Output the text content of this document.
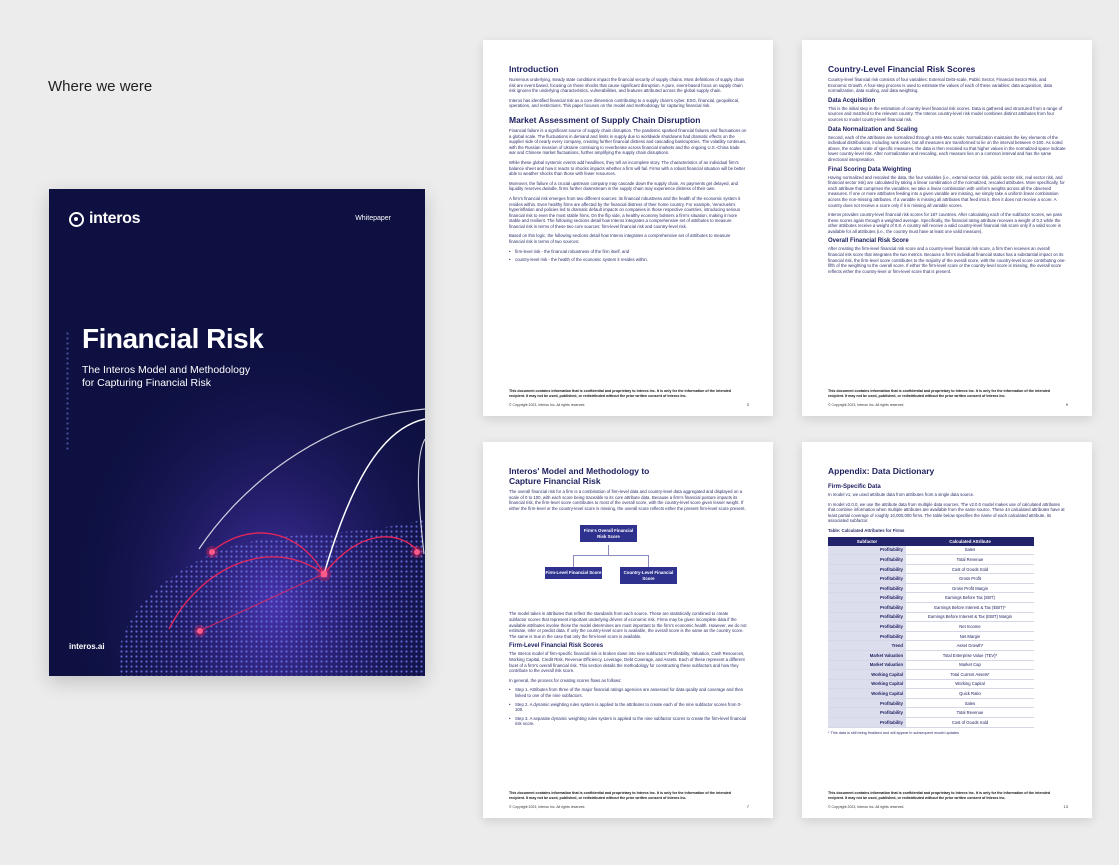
Where we were
interos	Whitepaper
Financial Risk
The Interos Model and Methodology for Capturing Financial Risk
interos.ai
Introduction

Numerous underlying, steady state conditions impact the financial security of supply chains. Most definitions of supply chain risk are event based, focusing on those shocks that cause significant disruption. A pure, event-based focus on supply chain risk ignores the underlying characteristics, vulnerabilities, and features attributed across the global supply chain.

Interos has identified financial risk as a core dimension contributing to a supply chain's cyber, ESG, financial, geopolitical, operations, and restrictions. This paper focuses on the model and methodology for capturing financial risk.

Market Assessment of Supply Chain Disruption

Financial failure is a significant source of supply chain disruption. The pandemic sparked financial failures and fluctuations on a global scale. The fluctuations in demand and limits in supply due to worldwide shutdowns had dramatic effects on the supplier side of nearly every company, creating further financial distress and cascading bankruptcies. The volatility continues, with the Russian invasion of Ukraine continuing to reverberate across financial markets and the ongoing U.S.-China trade war and Chinese market fluctuations, further amplifying the supply chain disruptions.

While these global systemic events add headlines, they tell an incomplete story. The characteristics of an individual firm's balance sheet and how it reacts to shocks impacts whether a firm will fail. Firms with a robust financial situation will be better able to weather shocks than those with fewer resources.

Moreover, the failure of a crucial upstream company may cascade down the supply chain. As payments get delayed, and liquidity reserves dwindle, firms further downstream in the supply chain may experience distress of their own.

A firm's financial risk emerges from two different sources: its financial robustness and the health of the economic system it resides within. Even healthy firms are affected by the financial distress of their home country. For example, Venezuela's hyperinflation and policies led to dramatic default impacts on companies in those respective countries, introducing serious financial risk to even the most stable firms. On the flip side, a healthy economy bolsters a firm's situation, making it more stable and resilient. The following sections detail how Interos integrates a comprehensive set of attributes to measure financial risk in terms of these two core sources: firm-level financial risk and country-level risk.

Based on this logic, the following sections detail how Interos integrates a comprehensive set of attributes to measure financial risk in terms of two sources:

• firm-level risk - the financial robustness of the firm itself, and
• country-level risk - the health of the economic system it resides within.
This document contains information that is confidential and proprietary to Interos Inc. It is only for the information of the intended recipient. It may not be used, published, or redistributed without the prior written consent of Interos Inc.
© Copyright 2023, Interos Inc. All rights reserved.	3
Country-Level Financial Risk Scores

Country-level financial risk consists of four variables: External Debt-scale, Public Sector, Financial Sector Risk, and Economic Growth. A four-step process is used to estimate the values of each of these variables: data acquisition, data normalization, data scaling, and data weighting.

Data Acquisition

This is the initial step in the estimation of country-level financial risk scores. Data is gathered and structured from a range of sources and matched to the relevant country. The Interos country-level risk model combines distinct attributes from four sources to model country-level financial risk.

Data Normalization and Scaling

Second, each of the attributes are normalized through a Min-Max scaler. Normalization maintains the key elements of the individual distributions, including rank order, but all measures are transformed to lie on the interval between 0-100. As noted above, the scales scale of specific measures, the data is then rescaled so that higher values in the normalized space indicate lower country-level risk. After normalization and rescaling, each measure lies on a common interval and has the same directional interpretation.

Final Scoring Data Weighting

Having normalized and rescaled the data, the four variables (i.e., external sector risk, public sector risk, real sector risk, and financial sector risk) are calculated by taking a linear combination of the normalized, rescaled attributes. More specifically, for each attribute that comprises the variables, we take a linear combination with uniform weights across all the observed measures. If one or more attributes feeding into a given variable are missing, we simply take a uniform linear combination across the non-missing attributes. If a variable is missing all attributes that feed into it, then it does not receive a score. A country does not receive a score only if it is missing all variable scores.

Interos provides country-level financial risk scores for 187 countries. After calculating each of the subfactor scores, we pass these scores again through a weighted average. Specifically, the financial rating attribute receives a weight of 0.2 while the other attributes receive a weight of 0.8. A country will receive a valid country-level financial risk score only if a valid score is available for all attributes (i.e., the country must have at least one valid measure).

Overall Financial Risk Score

After creating the firm-level financial risk score and a country-level financial risk score, a firm then receives an overall financial risk score that integrates the two metrics. Because a firm's individual financial status has a substantial impact on its financial risk, the firm-level score contributes to the majority of the overall score, with the country-level score contributing one-fifth of the weighting to the overall score. If either the firm-level score or the country-level score is missing, the overall score reflects either the country-level or firm-level score that is present.

This document contains information that is confidential and proprietary to Interos Inc. It is only for the information of the intended recipient. It may not be used, published, or redistributed without the prior written consent of Interos Inc.
© Copyright 2023, Interos Inc. All rights reserved.	9
Interos' Model and Methodology to Capture Financial Risk

The overall financial risk for a firm is a combination of firm-level data and country-level data aggregated and displayed on a scale of 0 to 100, with each score being traceable to its core attribute data. Because a firm's financial posture impacts its financial risk, the firm-level score contributes to most of the overall score, with the country-level score given lesser weight. If either the firm-level or the country-level score is missing, the overall score reflects either the present firm-level score present.

Firm's Overall Financial Risk Score
Firm-Level Financial Score	Country-Level Financial Score

The model takes in attributes that reflect the standards from each source. These are statistically combined to create subfactor scores that represent important underlying drivers of economic risk. Firms may be given incomplete data if the available attributes involve those the model determines are most important to the firm's economic health. However, we do not estimate, infer or predict data. If only the country-level score is available, the overall score is the same as the country score. The same is true in the case that only the firm-level score is available.

Firm-Level Financial Risk Scores

The Interos model of firm-specific financial risk is broken down into nine subfactors: Profitability, Valuation, Cash Resources, Working Capital, Credit Risk, Revenue Efficiency, Leverage, Debt Coverage, and Assets. Each of these represent a different facet of a firm's overall financial risk. This section details the methodology for constructing these subfactors and how they contribute to the overall risk score.

In general, the process for creating scores flows as follows:

• Step 1. Attributes from three of the major financial ratings agencies are assessed for data quality and coverage and then linked to one of the nine subfactors.
• Step 2. A dynamic weighting rules system is applied to the attributes to create each of the nine subfactor scores from 0-100.
• Step 3. A separate dynamic weighting rules system is applied to the nine subfactor scores to create the firm-level financial risk score.
This document contains information that is confidential and proprietary to Interos Inc. It is only for the information of the intended recipient. It may not be used, published, or redistributed without the prior written consent of Interos Inc.
© Copyright 2023, Interos Inc. All rights reserved.	7
Appendix: Data Dictionary
Firm-Specific Data

In model v1, we used attribute data from attributes from a single data source.

In model v2.0.0, we use the attribute data from multiple data sources. The v2.0.0 model makes use of calculated attributes that combine information when multiple attributes are available from the same source. These 44 calculated attributes have at least partial coverage of roughly 10,000,000 firms. The table below specifies the name of each calculated attribute, its associated subfactor.

Table: Calculated Attributes for Firms
Subfactor	Calculated Attribute
Profitability	Sales
Profitability	Total Revenue
Profitability	Cost of Goods Sold
Profitability	Gross Profit
Profitability	Gross Profit Margin
Profitability	Earnings Before Tax (EBT)
Profitability	Earnings Before Interest & Tax (EBIT)*
Profitability	Earnings Before Interest & Tax (EBIT) Margin
Profitability	Net Income
Profitability	Net Margin
Trend	Asset Growth*
Market Valuation	Total Enterprise Value (TEV)*
Market Valuation	Market Cap
Working Capital	Total Current Assets*
Working Capital	Working Capital
Working Capital	Quick Ratio
Profitability	Sales
Profitability	Total Revenue
Profitability	Cost of Goods Sold
* This data is still being finalized and will appear in subsequent model updates
This document contains information that is confidential and proprietary to Interos Inc. It is only for the information of the intended recipient. It may not be used, published, or redistributed without the prior written consent of Interos Inc.
© Copyright 2023, Interos Inc. All rights reserved.	13
